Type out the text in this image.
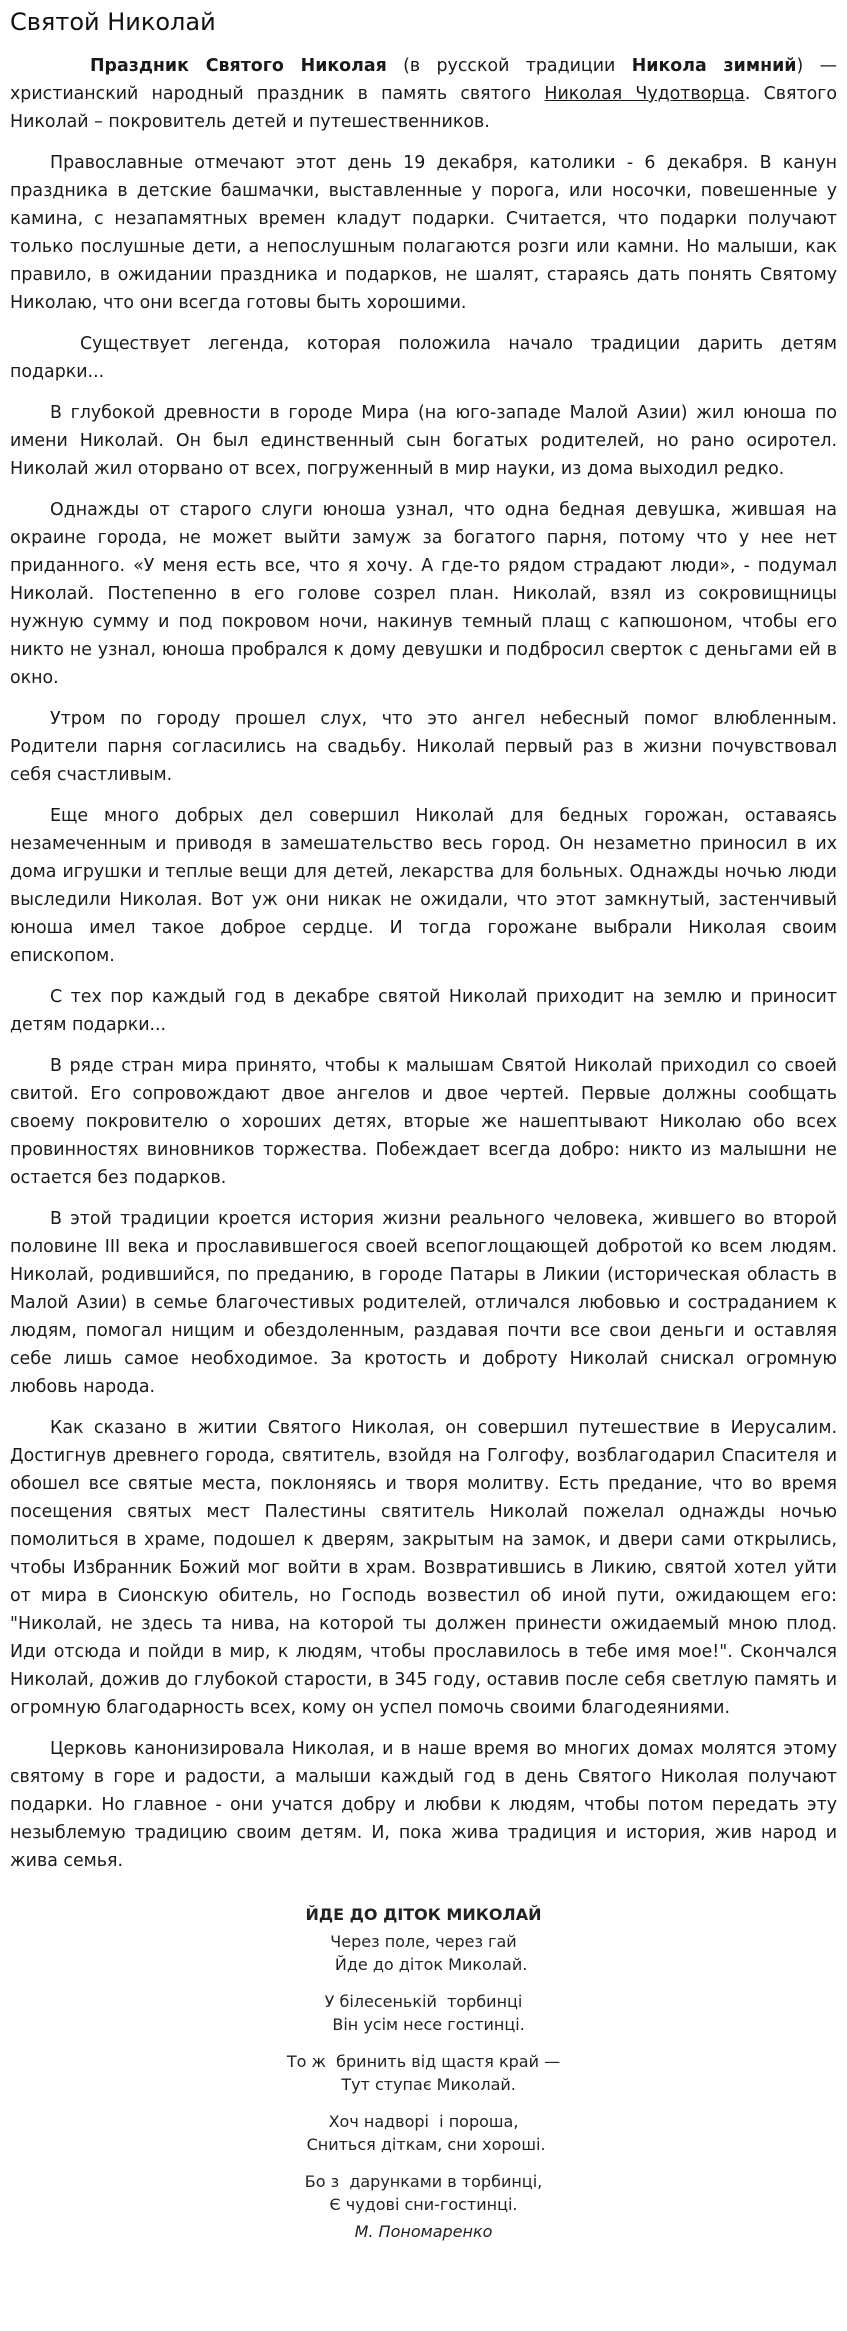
Святой Николай

Праздник Святого Николая (в русской традиции Никола зимний) — христианский народный праздник в память святого Николая Чудотворца. Святого Николай – покровитель детей и путешественников.

Православные отмечают этот день 19 декабря, католики - 6 декабря. В канун праздника в детские башмачки, выставленные у порога, или носочки, повешенные у камина, с незапамятных времен кладут подарки. Считается, что подарки получают только послушные дети, а непослушным полагаются розги или камни. Но малыши, как правило, в ожидании праздника и подарков, не шалят, стараясь дать понять Святому Николаю, что они всегда готовы быть хорошими.

Существует легенда, которая положила начало традиции дарить детям подарки...

В глубокой древности в городе Мира (на юго-западе Малой Азии) жил юноша по имени Николай. Он был единственный сын богатых родителей, но рано осиротел. Николай жил оторвано от всех, погруженный в мир науки, из дома выходил редко.

Однажды от старого слуги юноша узнал, что одна бедная девушка, жившая на окраине города, не может выйти замуж за богатого парня, потому что у нее нет приданного. «У меня есть все, что я хочу. А где-то рядом страдают люди», - подумал Николай. Постепенно в его голове созрел план. Николай, взял из сокровищницы нужную сумму и под покровом ночи, накинув темный плащ с капюшоном, чтобы его никто не узнал, юноша пробрался к дому девушки и подбросил сверток с деньгами ей в окно.

Утром по городу прошел слух, что это ангел небесный помог влюбленным. Родители парня согласились на свадьбу. Николай первый раз в жизни почувствовал себя счастливым.

Еще много добрых дел совершил Николай для бедных горожан, оставаясь незамеченным и приводя в замешательство весь город. Он незаметно приносил в их дома игрушки и теплые вещи для детей, лекарства для больных. Однажды ночью люди выследили Николая. Вот уж они никак не ожидали, что этот замкнутый, застенчивый юноша имел такое доброе сердце. И тогда горожане выбрали Николая своим епископом.

С тех пор каждый год в декабре святой Николай приходит на землю и приносит детям подарки...

В ряде стран мира принято, чтобы к малышам Святой Николай приходил со своей свитой. Его сопровождают двое ангелов и двое чертей. Первые должны сообщать своему покровителю о хороших детях, вторые же нашептывают Николаю обо всех провинностях виновников торжества. Побеждает всегда добро: никто из малышни не остается без подарков.

В этой традиции кроется история жизни реального человека, жившего во второй половине III века и прославившегося своей всепоглощающей добротой ко всем людям. Николай, родившийся, по преданию, в городе Патары в Ликии (историческая область в Малой Азии) в семье благочестивых родителей, отличался любовью и состраданием к людям, помогал нищим и обездоленным, раздавая почти все свои деньги и оставляя себе лишь самое необходимое. За кротость и доброту Николай снискал огромную любовь народа.

Как сказано в житии Святого Николая, он совершил путешествие в Иерусалим. Достигнув древнего города, святитель, взойдя на Голгофу, возблагодарил Спасителя и обошел все святые места, поклоняясь и творя молитву. Есть предание, что во время посещения святых мест Палестины святитель Николай пожелал однажды ночью помолиться в храме, подошел к дверям, закрытым на замок, и двери сами открылись, чтобы Избранник Божий мог войти в храм. Возвратившись в Ликию, святой хотел уйти от мира в Сионскую обитель, но Господь возвестил об иной пути, ожидающем его: "Николай, не здесь та нива, на которой ты должен принести ожидаемый мною плод. Иди отсюда и пойди в мир, к людям, чтобы прославилось в тебе имя мое!". Скончался Николай, дожив до глубокой старости, в 345 году, оставив после себя светлую память и огромную благодарность всех, кому он успел помочь своими благодеяниями.

Церковь канонизировала Николая, и в наше время во многих домах молятся этому святому в горе и радости, а малыши каждый год в день Святого Николая получают подарки. Но главное - они учатся добру и любви к людям, чтобы потом передать эту незыблемую традицию своим детям. И, пока жива традиция и история, жив народ и жива семья.

ЙДЕ ДО ДІТОК МИКОЛАЙ
Через поле, через гай
Йде до діток Миколай.
У білесенькій  торбинці
Він усім несе гостинці.
То ж  бринить від щастя край —
Тут ступає Миколай.
Хоч надворі  і пороша,
Сниться діткам, сни хороші.
Бо з  дарунками в торбинці,
Є чудові сни-гостинці.
М. Пономаренко
